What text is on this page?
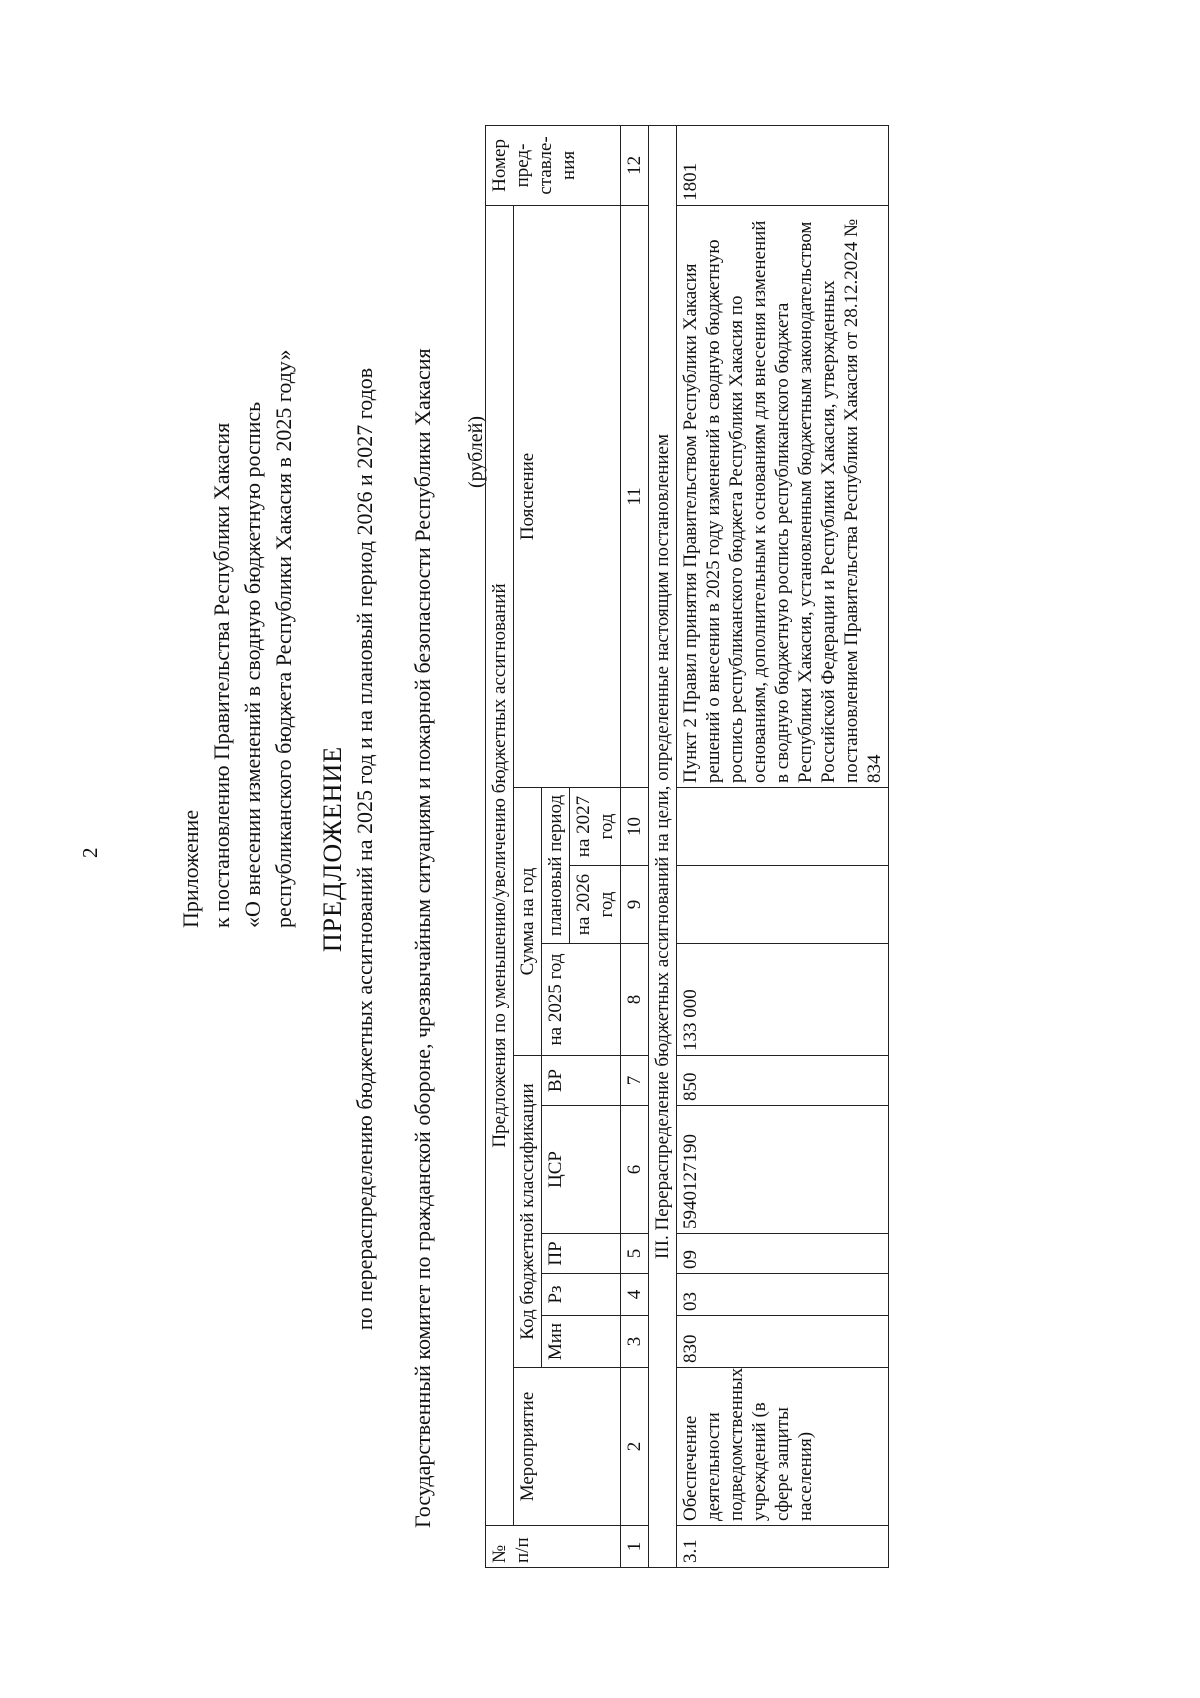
2	Приложение к постановлению Правительства Республики Хакасия «О внесении изменений в сводную бюджетную роспись республиканского бюджета Республики Хакасия в 2025 году» ПРЕДЛОЖЕНИЕ по перераспределению бюджетных ассигнований на 2025 год и на плановый период 2026 и 2027 годов Государственный комитет по гражданской обороне, чрезвычайным ситуациям и пожарной безопасности Республики Хакасия (рублей)
№ п/п	Предложения по уменьшению/увеличению бюджетных ассигнований										Номер пред-ставле-ния
	Мероприятие	Код бюджетной классификации					Сумма на год			Пояснение	
		Мин	Рз	ПР	ЦСР	ВР	на 2025 год	плановый период			
								на 2026 год	на 2027 год		
1	2	3	4	5	6	7	8	9	10	11	12
III. Перераспределение бюджетных ассигнований на цели, определенные настоящим постановлением											
3.1	Обеспечение деятельности подведомственных учреждений (в сфере защиты населения)	830	03	09	5940127190	850	133 000			Пункт 2 Правил принятия Правительством Республики Хакасия решений о внесении в 2025 году изменений в сводную бюджетную роспись республиканского бюджета Республики Хакасия по основаниям, дополнительным к основаниям для внесения изменений в сводную бюджетную роспись республиканского бюджета Республики Хакасия, установленным бюджетным законодательством Российской Федерации и Республики Хакасия, утвержденных постановлением Правительства Республики Хакасия от 28.12.2024 № 834	1801
